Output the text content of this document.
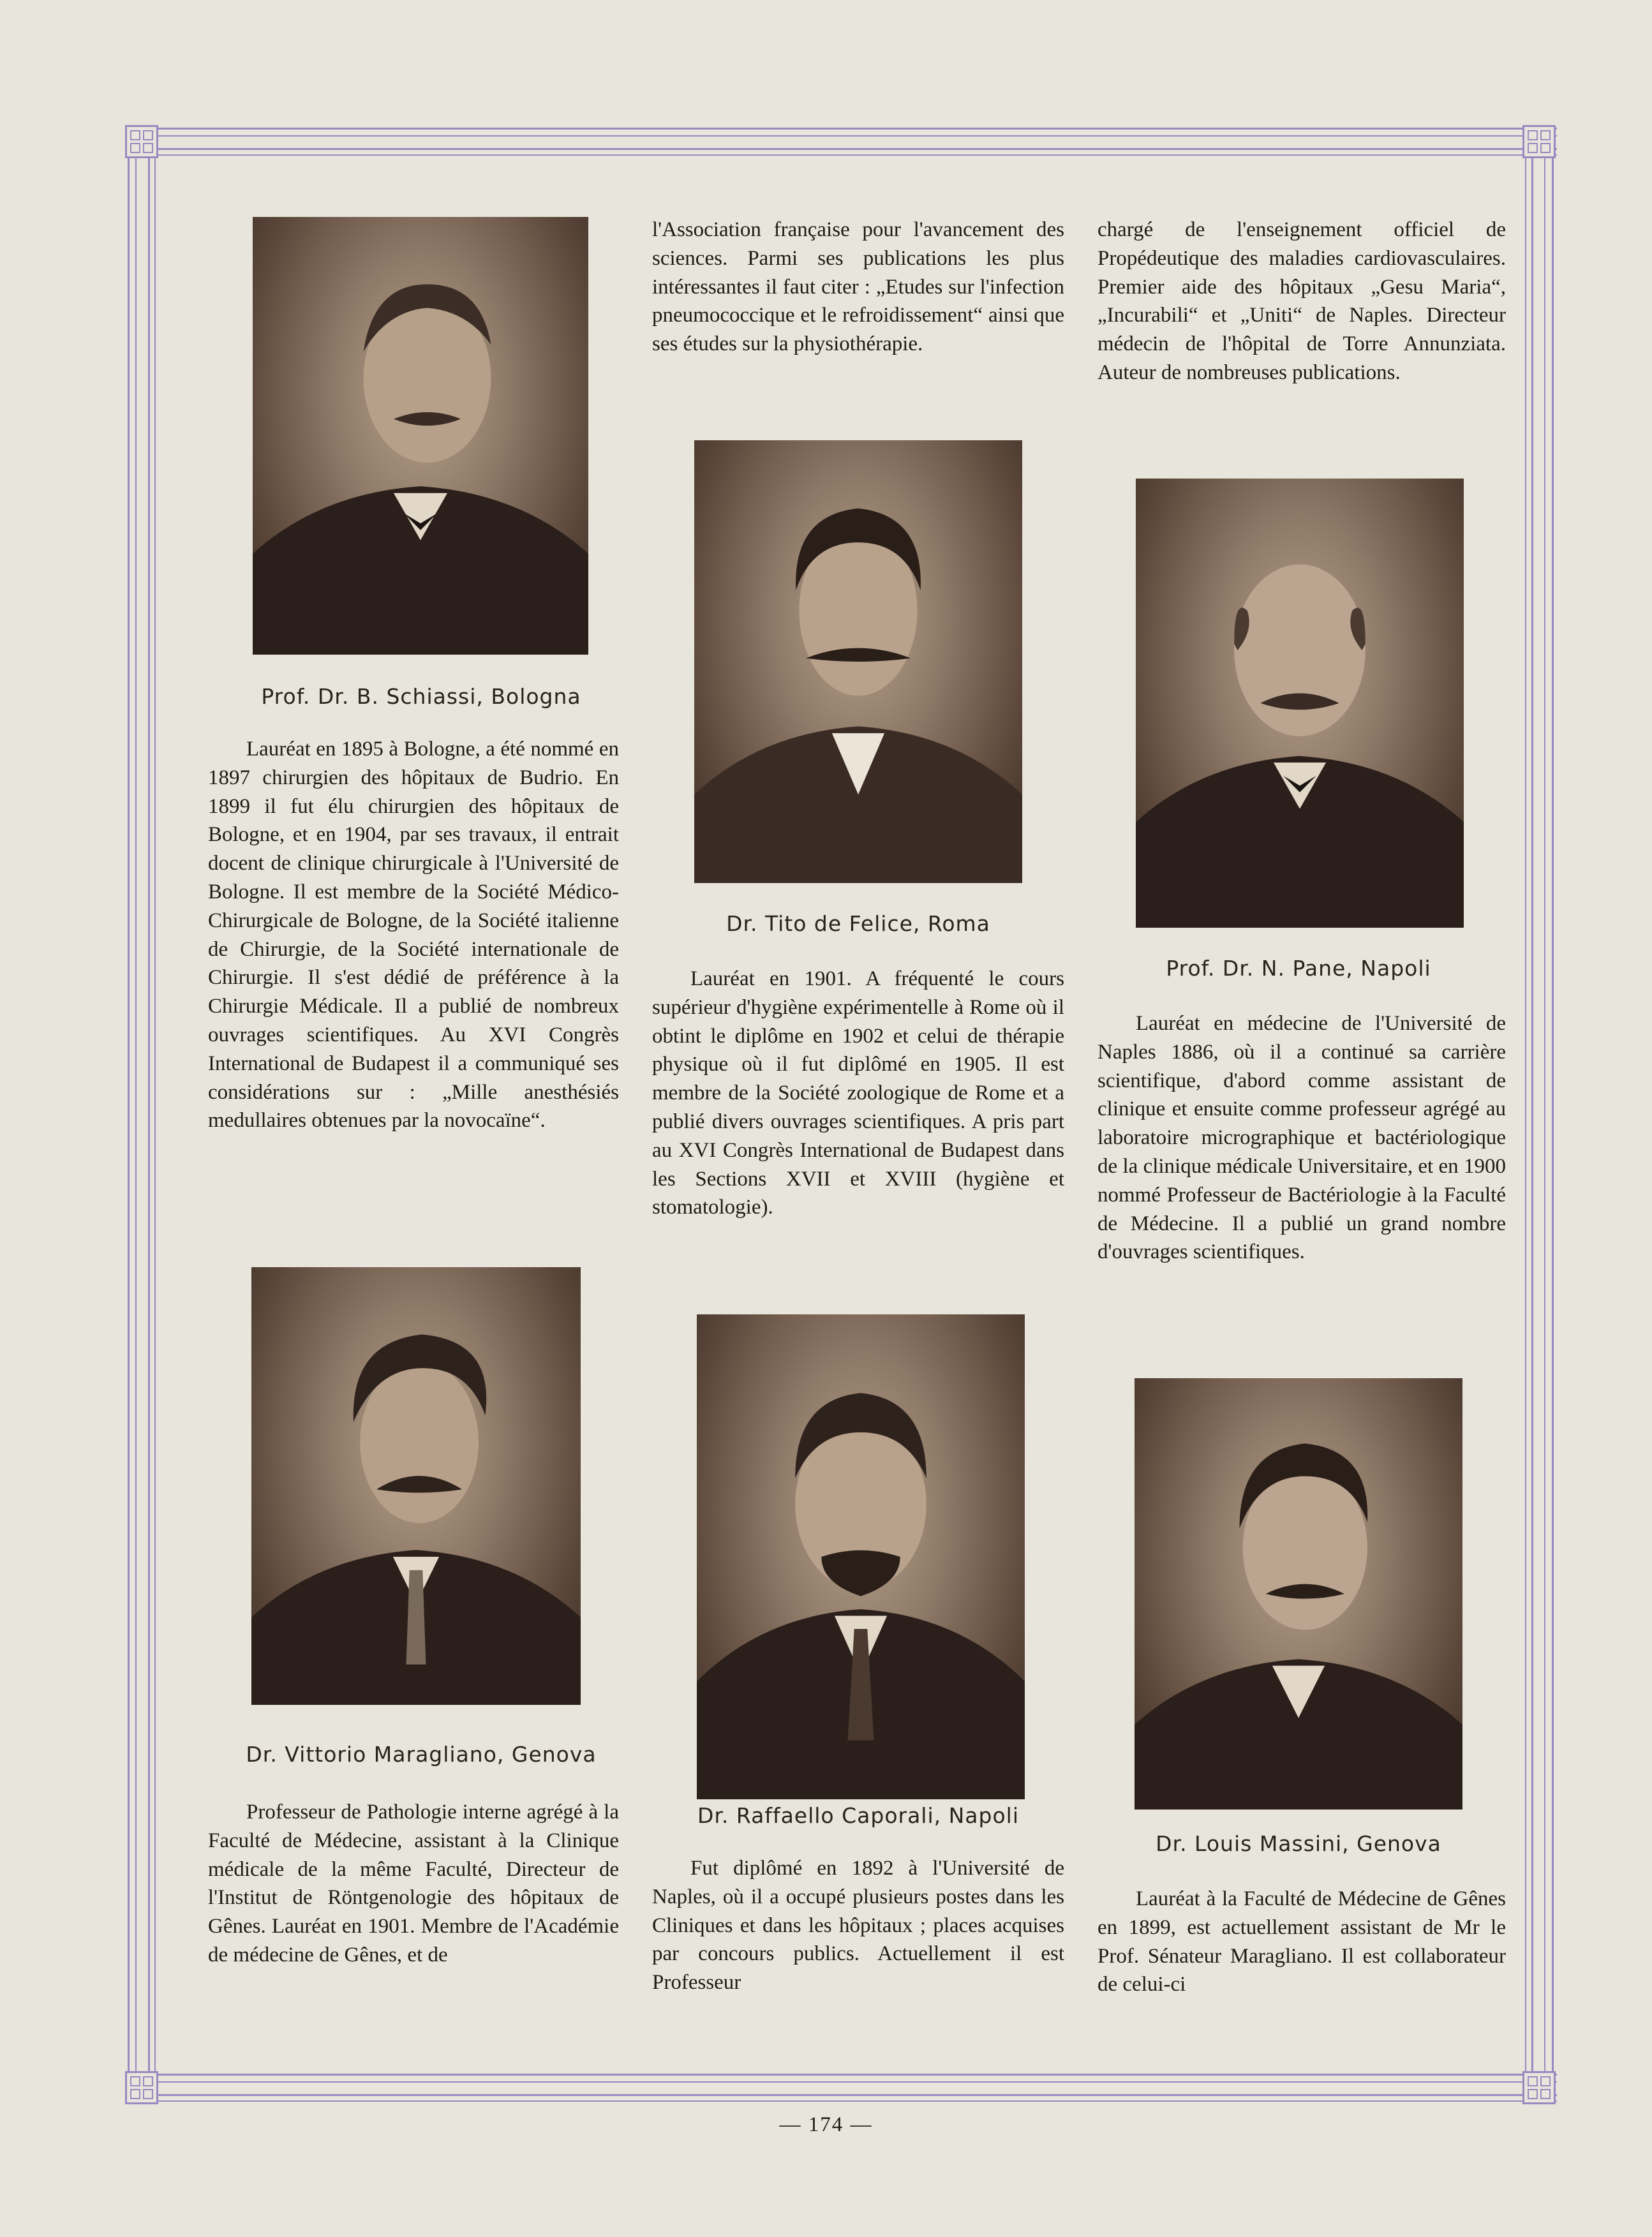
Prof. Dr. B. Schiassi, Bologna

Lauréat en 1895 à Bologne, a été nommé en 1897 chirurgien des hôpitaux de Budrio. En 1899 il fut élu chirurgien des hôpitaux de Bologne, et en 1904, par ses travaux, il entrait docent de clinique chirurgicale à l'Université de Bologne. Il est membre de la Société Médico-Chirurgicale de Bologne, de la Société italienne de Chirurgie, de la Société internationale de Chirurgie. Il s'est dédié de préférence à la Chirurgie Médicale. Il a publié de nombreux ouvrages scientifiques. Au XVI Congrès International de Budapest il a communiqué ses considérations sur : „Mille anesthésiés medullaires obtenues par la novocaïne“.

Dr. Vittorio Maragliano, Genova

Professeur de Pathologie interne agrégé à la Faculté de Médecine, assistant à la Clinique médicale de la même Faculté, Directeur de l'Institut de Röntgenologie des hôpitaux de Gênes. Lauréat en 1901. Membre de l'Académie de médecine de Gênes, et de

l'Association française pour l'avancement des sciences. Parmi ses publications les plus intéressantes il faut citer : „Etudes sur l'infection pneumococcique et le refroidissement“ ainsi que ses études sur la physiothérapie.

Dr. Tito de Felice, Roma

Lauréat en 1901. A fréquenté le cours supérieur d'hygiène expérimentelle à Rome où il obtint le diplôme en 1902 et celui de thérapie physique où il fut diplômé en 1905. Il est membre de la Société zoologique de Rome et a publié divers ouvrages scientifiques. A pris part au XVI Congrès International de Budapest dans les Sections XVII et XVIII (hygiène et stomatologie).

Dr. Raffaello Caporali, Napoli

Fut diplômé en 1892 à l'Université de Naples, où il a occupé plusieurs postes dans les Cliniques et dans les hôpitaux ; places acquises par concours publics. Actuellement il est Professeur

chargé de l'enseignement officiel de Propédeutique des maladies cardiovasculaires. Premier aide des hôpitaux „Gesu Maria“, „Incurabili“ et „Uniti“ de Naples. Directeur médecin de l'hôpital de Torre Annunziata. Auteur de nombreuses publications.

Prof. Dr. N. Pane, Napoli

Lauréat en médecine de l'Université de Naples 1886, où il a continué sa carrière scientifique, d'abord comme assistant de clinique et ensuite comme professeur agrégé au laboratoire micrographique et bactériologique de la clinique médicale Universitaire, et en 1900 nommé Professeur de Bactériologie à la Faculté de Médecine. Il a publié un grand nombre d'ouvrages scientifiques.

Dr. Louis Massini, Genova

Lauréat à la Faculté de Médecine de Gênes en 1899, est actuellement assistant de Mr le Prof. Sénateur Maragliano. Il est collaborateur de celui-ci

— 174 —
